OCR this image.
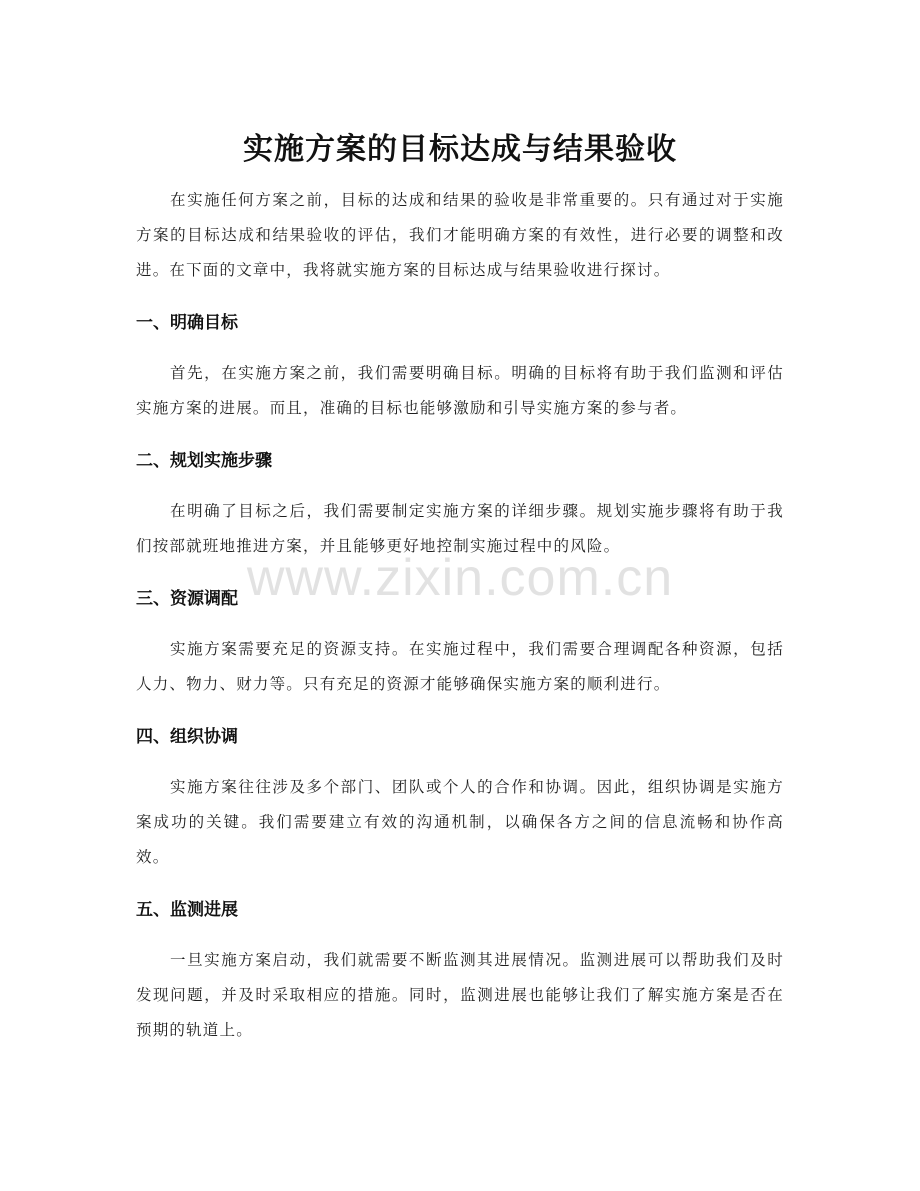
实施方案的目标达成与结果验收

在实施任何方案之前，目标的达成和结果的验收是非常重要的。只有通过对于实施方案的目标达成和结果验收的评估，我们才能明确方案的有效性，进行必要的调整和改进。在下面的文章中，我将就实施方案的目标达成与结果验收进行探讨。

一、明确目标

首先，在实施方案之前，我们需要明确目标。明确的目标将有助于我们监测和评估实施方案的进展。而且，准确的目标也能够激励和引导实施方案的参与者。

二、规划实施步骤

在明确了目标之后，我们需要制定实施方案的详细步骤。规划实施步骤将有助于我们按部就班地推进方案，并且能够更好地控制实施过程中的风险。

三、资源调配

实施方案需要充足的资源支持。在实施过程中，我们需要合理调配各种资源，包括人力、物力、财力等。只有充足的资源才能够确保实施方案的顺利进行。

四、组织协调

实施方案往往涉及多个部门、团队或个人的合作和协调。因此，组织协调是实施方案成功的关键。我们需要建立有效的沟通机制，以确保各方之间的信息流畅和协作高效。

五、监测进展

一旦实施方案启动，我们就需要不断监测其进展情况。监测进展可以帮助我们及时发现问题，并及时采取相应的措施。同时，监测进展也能够让我们了解实施方案是否在预期的轨道上。

www.zixin.com.cn
